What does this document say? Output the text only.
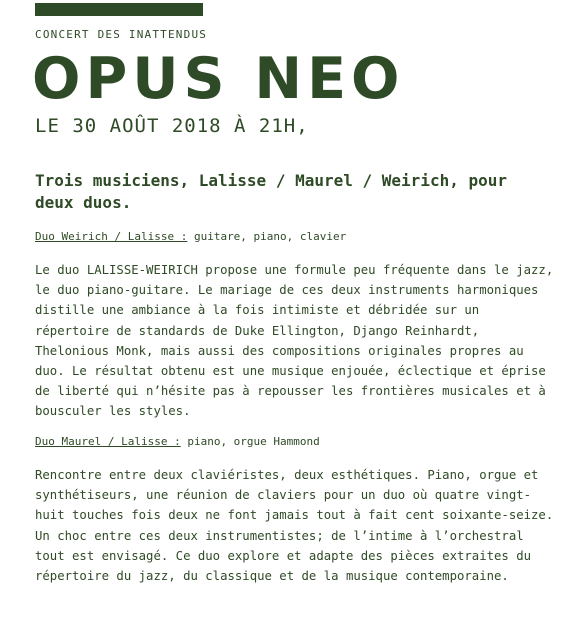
CONCERT DES INATTENDUS
OPUS NEO
LE 30 AOÛT 2018 À 21H,
Trois musiciens, Lalisse / Maurel / Weirich, pour deux duos.
Duo Weirich / Lalisse : guitare, piano, clavier
Le duo LALISSE-WEIRICH propose une formule peu fréquente dans le jazz, le duo piano-guitare. Le mariage de ces deux instruments harmoniques distille une ambiance à la fois intimiste et débridée sur un répertoire de standards de Duke Ellington, Django Reinhardt, Thelonious Monk, mais aussi des compositions originales propres au duo. Le résultat obtenu est une musique enjouée, éclectique et éprise de liberté qui n’hésite pas à repousser les frontières musicales et à bousculer les styles.
Duo Maurel / Lalisse : piano, orgue Hammond
Rencontre entre deux claviéristes, deux esthétiques. Piano, orgue et synthétiseurs, une réunion de claviers pour un duo où quatre vingt-huit touches fois deux ne font jamais tout à fait cent soixante-seize. Un choc entre ces deux instrumentistes; de l’intime à l’orchestral tout est envisagé. Ce duo explore et adapte des pièces extraites du répertoire du jazz, du classique et de la musique contemporaine.
